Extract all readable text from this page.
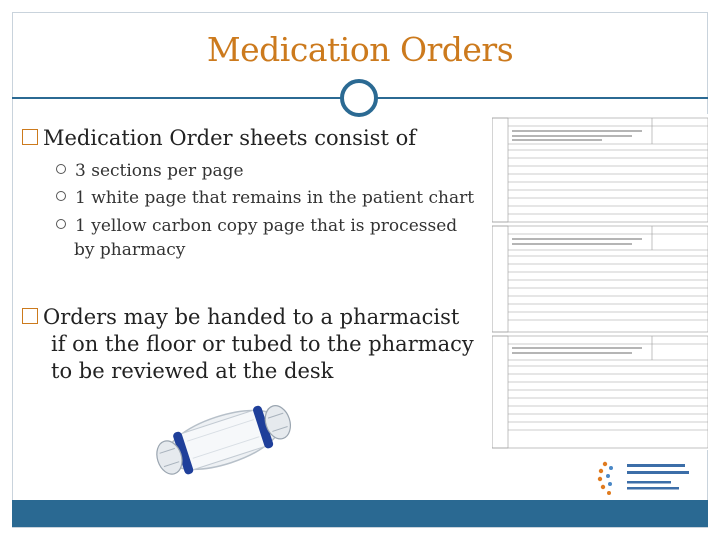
Medication Orders
Medication Order sheets consist of
3 sections per page
1 white page that remains in the patient chart
1 yellow carbon copy page that is processed
by pharmacy
Orders may be handed to a pharmacist
if on the floor or tubed to the pharmacy
to be reviewed at the desk
